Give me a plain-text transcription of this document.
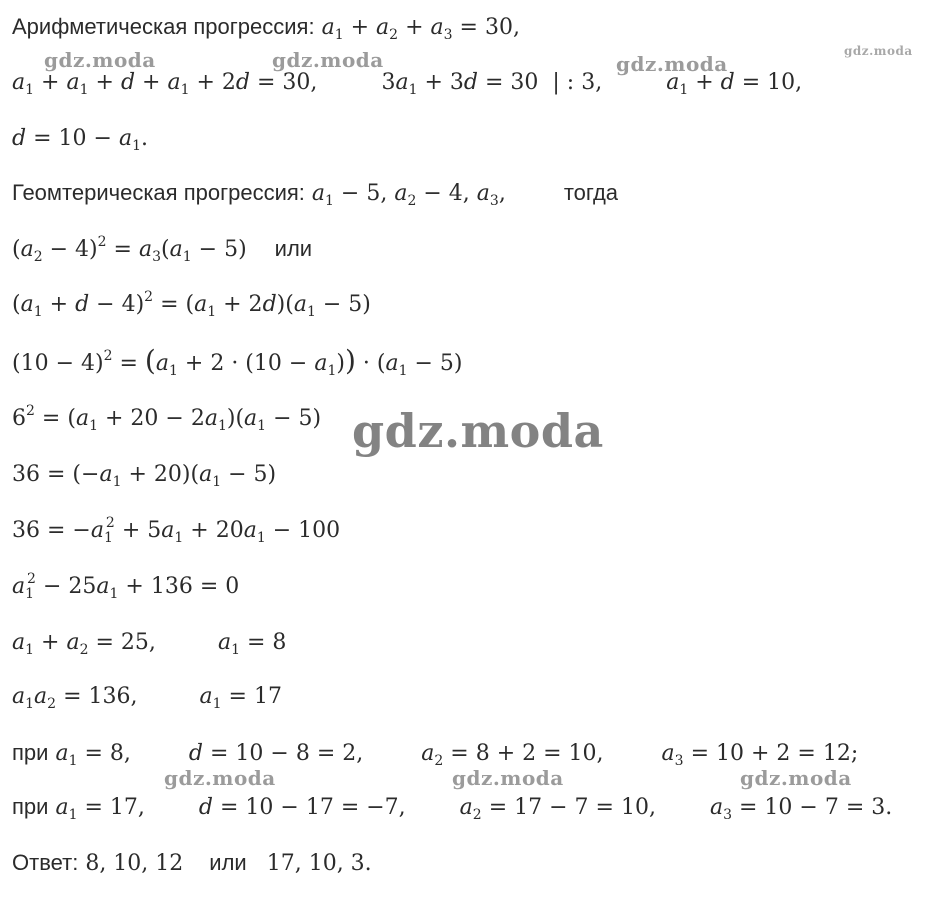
Арифметическая прогрессия: $a_1 + a_2 + a_3 = 30$,
$a_1 + a_1 + d + a_1 + 2d = 30$,	$3a_1 + 3d = 30$  | : 3,	$a_1 + d = 10$,
$d = 10 - a_1$.
Геомтерическая прогрессия: $a_1 - 5$, $a_2 - 4$, $a_3$,	тогда
$(a_2 - 4)^2 = a_3(a_1 - 5)$ или
$(a_1 + d - 4)^2 = (a_1 + 2d)(a_1 - 5)$
$(10 - 4)^2 = (a_1 + 2 \cdot (10 - a_1)) \cdot (a_1 - 5)$
$6^2 = (a_1 + 20 - 2a_1)(a_1 - 5)$
$36 = (-a_1 + 20)(a_1 - 5)$
$36 = -a_1^2 + 5a_1 + 20a_1 - 100$
$a_1^2 - 25a_1 + 136 = 0$
$a_1 + a_2 = 25$,	$a_1 = 8$
$a_1a_2 = 136$,	$a_1 = 17$
при $a_1 = 8$,	d = 10 − 8 = 2,	$a_2 = 8 + 2 = 10$,	$a_3 = 10 + 2 = 12$;
при $a_1 = 17$, d = 10 − 17 = −7, $a_2 = 17 - 7 = 10$, $a_3 = 10 - 7 = 3$.
Ответ: 8, 10, 12 или 17, 10, 3.
gdz.moda	gdz.moda	gdz.moda
gdz.moda
gdz.moda
gdz.moda	gdz.moda	gdz.moda
